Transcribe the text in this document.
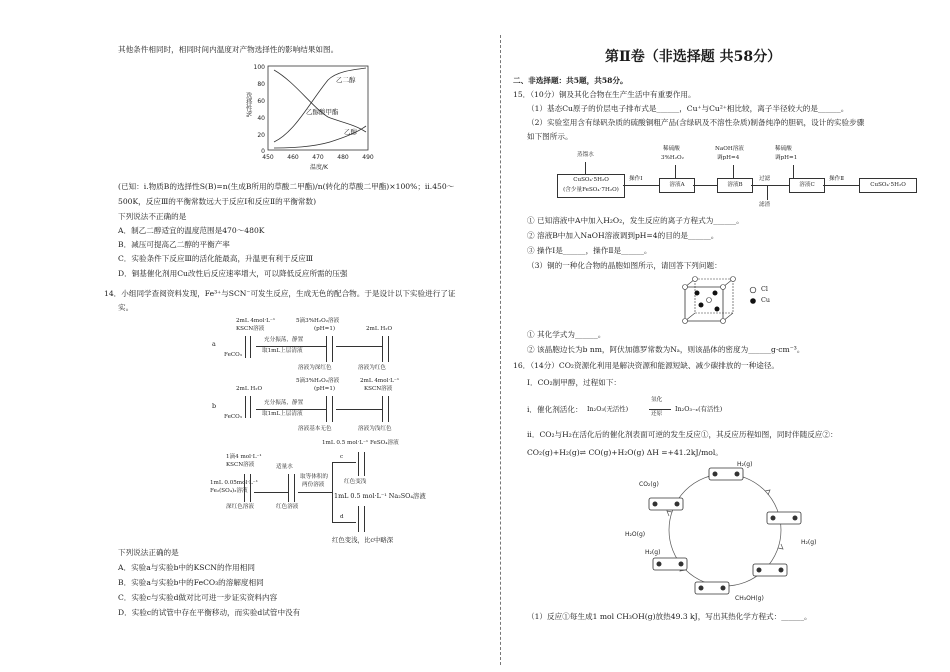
其他条件相同时，相同时间内温度对产物选择性的影响结果如图。
100
80
60
40
20
0
450 460 470 480 490
温度/K
乙二醇
乙醇酸甲酯
乙醇
选择性%
(已知：ⅰ.物质B的选择性S(B)=n(生成B所用的草酸二甲酯)/n(转化的草酸二甲酯)×100%；ⅱ.450～
500K，反应Ⅲ的平衡常数远大于反应Ⅰ和反应Ⅱ的平衡常数)
下列说法不正确的是
A．制乙二醇适宜的温度范围是470～480K
B．减压可提高乙二醇的平衡产率
C．实验条件下反应Ⅲ的活化能最高，升温更有利于反应Ⅲ
D．铜基催化剂用Cu改性后反应速率增大，可以降低反应所需的压强
14．小组同学查阅资料发现，Fe³⁺与SCN⁻可发生反应，生成无色的配合物。于是设计以下实验进行了证
实。
a
FeCO₃
2mL 4mol·L⁻¹
KSCN溶液
充分振荡，静置
取1mL上层清液
5滴3%H₂O₂溶液
(pH=1)	2mL H₂O
溶液为深红色	溶液为红色
b
FeCO₃
2mL H₂O
充分振荡，静置
取1mL上层清液
5滴3%H₂O₂溶液
(pH=1)
2mL 4mol·L⁻¹
KSCN溶液
溶液基本无色	溶液为浅红色
1mL 0.5 mol·L⁻¹ FeSO₄溶液
1滴4 mol·L⁻¹
KSCN溶液
1mL 0.05mol·L⁻¹
Fe₂(SO₄)₃溶液
深红色溶液
适量水
红色溶液
取等体积的
两份溶液
c
d
红色变浅
1mL 0.5 mol·L⁻¹ Na₂SO₄溶液
红色变浅，比c中略深
下列说法正确的是
A．实验a与实验b中的KSCN的作用相同
B．实验a与实验b中的FeCO₃的溶解度相同
C．实验c与实验d做对比可进一步证实资料内容
D．实验c的试管中存在平衡移动，而实验d试管中没有
第Ⅱ卷（非选择题 共58分）
二、非选择题：共5题，共58分。
15．（10分）铜及其化合物在生产生活中有重要作用。
（1）基态Cu原子的价层电子排布式是______，Cu⁺与Cu²⁺相比较，离子半径较大的是______。
（2）实验室用含有绿矾杂质的硫酸铜粗产品(含绿矾及不溶性杂质)制备纯净的胆矾，设计的实验步骤
如下图所示。
蒸馏水
CuSO₄·5H₂O
(含少量FeSO₄·7H₂O)
操作Ⅰ
稀硫酸
3%H₂O₂
溶液A
NaOH溶液
调pH=4
溶液B
过滤
滤渣
稀硫酸
调pH=1
溶液C
操作Ⅱ
CuSO₄·5H₂O
① 已知溶液中A中加入H₂O₂，发生反应的离子方程式为______。
② 溶液B中加入NaOH溶液调到pH=4的目的是______。
③ 操作Ⅰ是______，操作Ⅱ是______。
（3）铜的一种化合物的晶胞如图所示，请回答下列问题：
Cl
Cu
① 其化学式为______。
② 该晶胞边长为b nm，阿伏加德罗常数为Nₐ，则该晶体的密度为______g·cm⁻³。
16．（14分）CO₂资源化利用是解决资源和能源短缺、减少碳排放的一种途径。
Ⅰ．CO₂制甲醇，过程如下：
i．催化剂活化： In₂O₃(无活性)
氢化
还原
In₂O₃₋ₓ(有活性)
ii．CO₂与H₂在活化后的催化剂表面可逆的发生反应①，其反应历程如图，同时伴随反应②：
CO₂(g)+H₂(g)⇌ CO(g)+H₂O(g) ΔH =+41.2kJ/mol。
H₂(g)
CO₂(g)
H₂(g)
H₂O(g)
H₂(g)
CH₃OH(g)
（1）反应①每生成1 mol CH₃OH(g)放热49.3 kJ，写出其热化学方程式：______。
